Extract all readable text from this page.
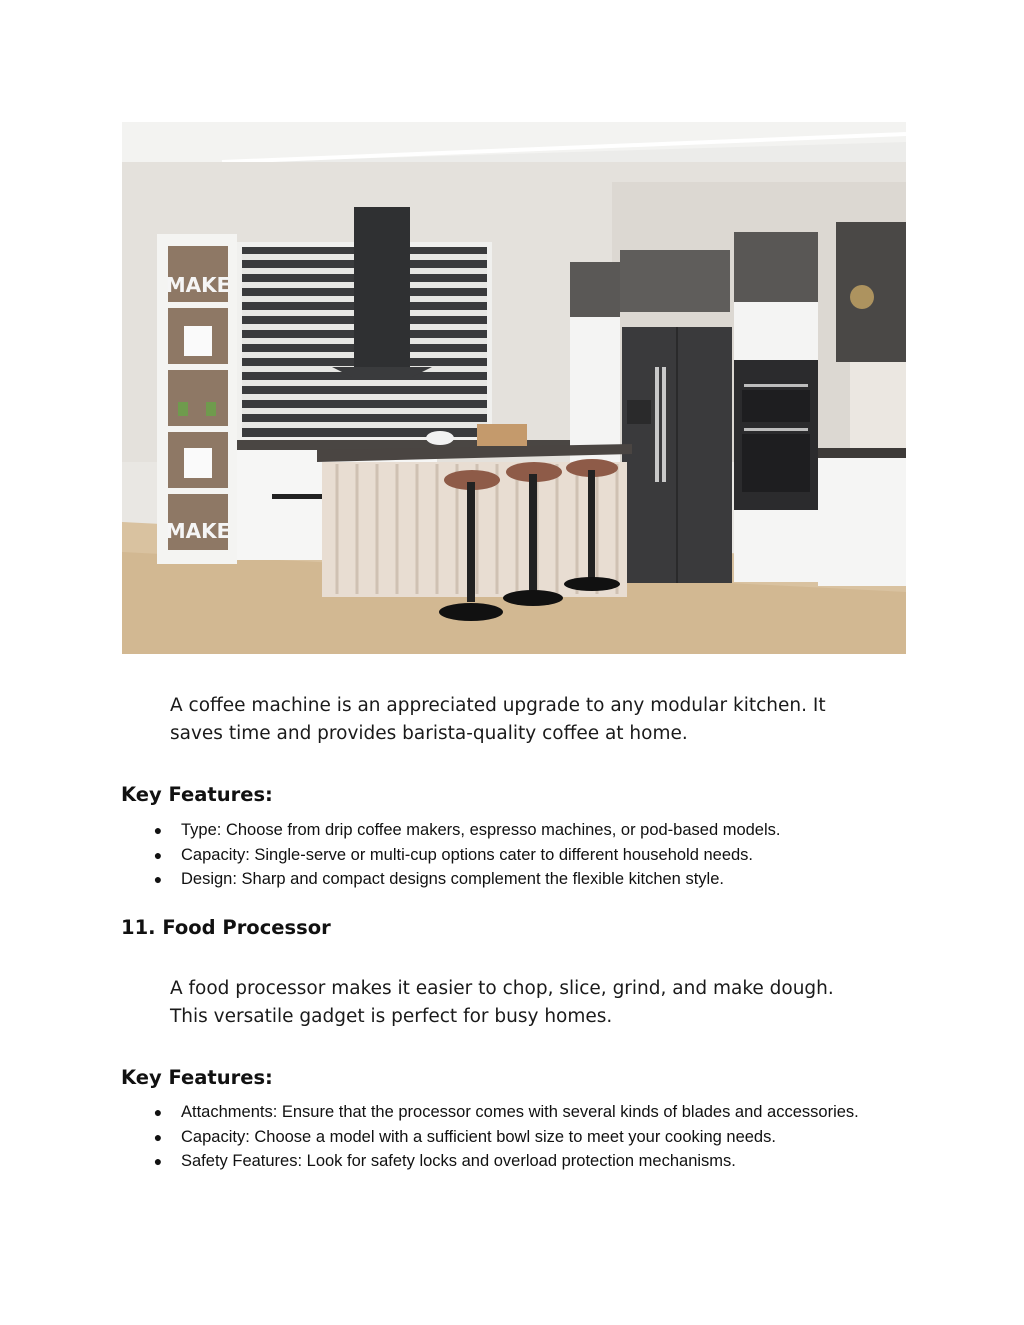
MAKE
MAKE

A coffee machine is an appreciated upgrade to any modular kitchen. It saves time and provides barista-quality coffee at home.

Key Features:
● Type: Choose from drip coffee makers, espresso machines, or pod-based models.
● Capacity: Single-serve or multi-cup options cater to different household needs.
● Design: Sharp and compact designs complement the flexible kitchen style.
11. Food Processor

A food processor makes it easier to chop, slice, grind, and make dough. This versatile gadget is perfect for busy homes.

Key Features:
● Attachments: Ensure that the processor comes with several kinds of blades and accessories.
● Capacity: Choose a model with a sufficient bowl size to meet your cooking needs.
● Safety Features: Look for safety locks and overload protection mechanisms.
